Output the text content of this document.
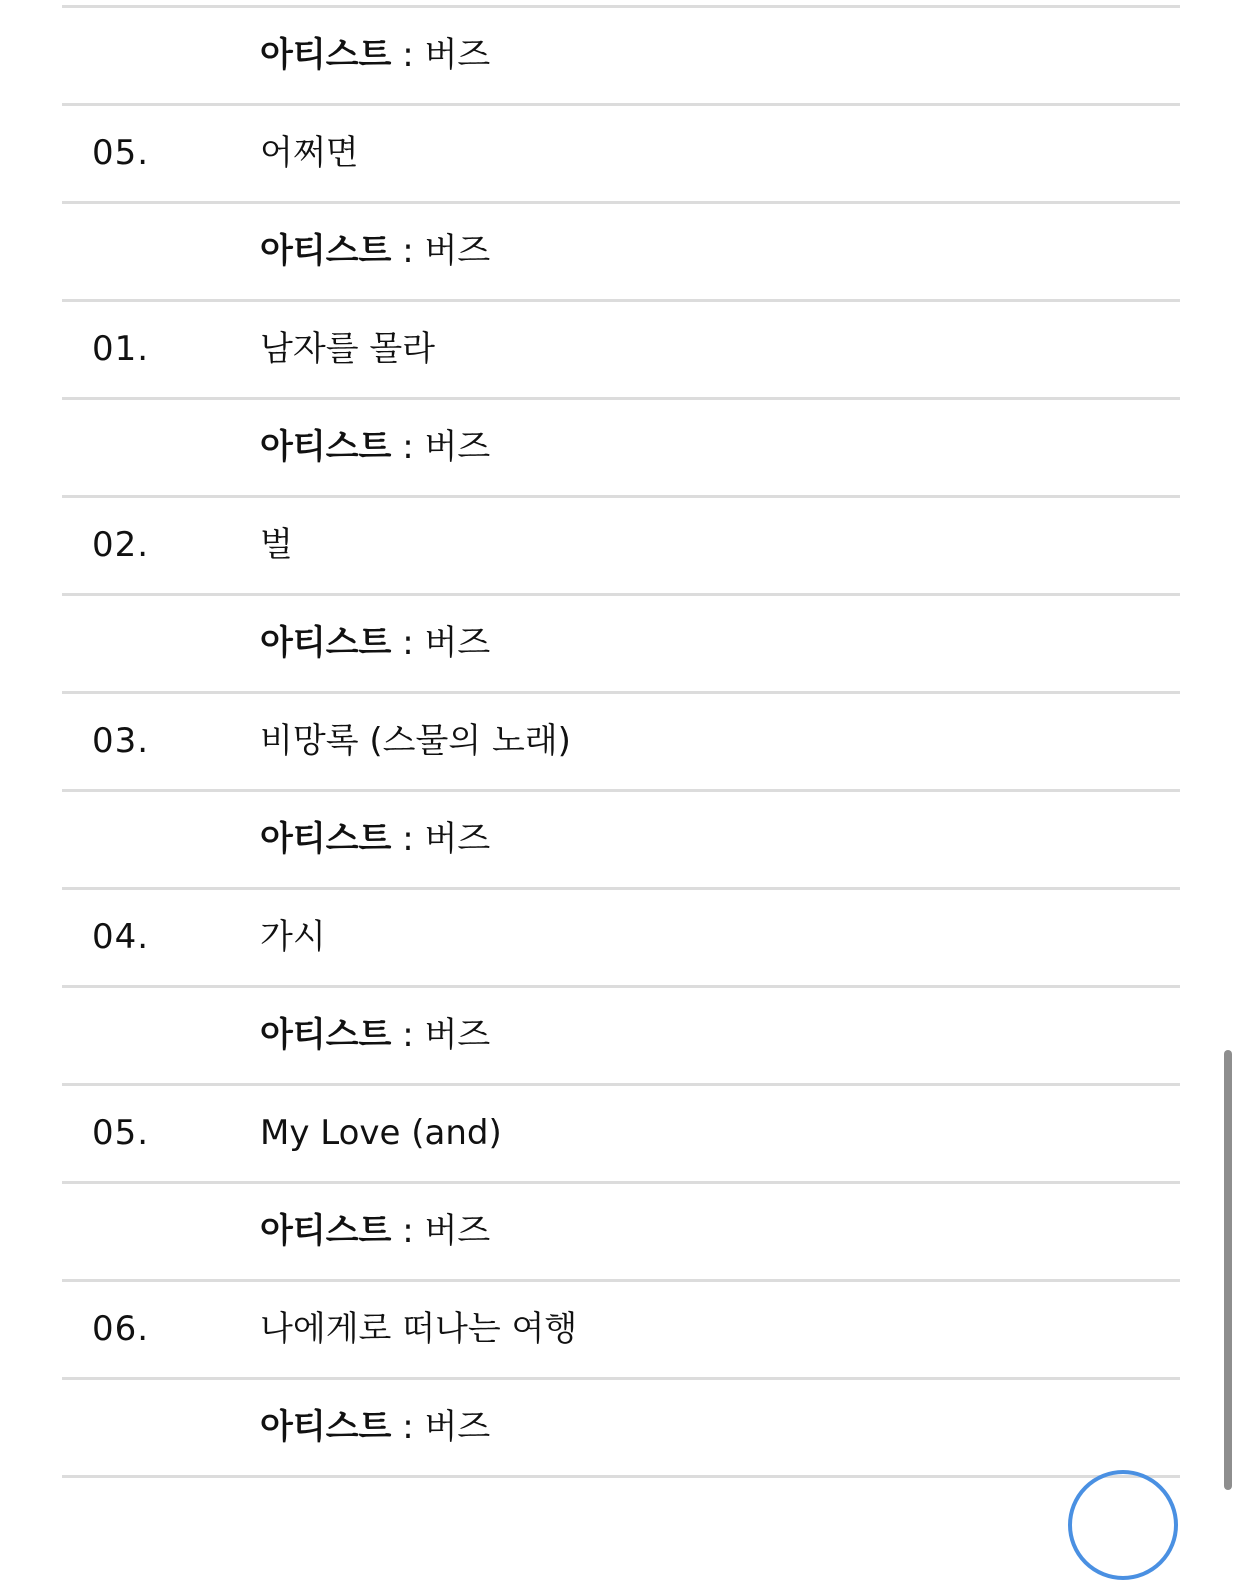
아티스트 : 버즈
05.	어쩌면
아티스트 : 버즈
01.	남자를 몰라
아티스트 : 버즈
02.	벌
아티스트 : 버즈
03.	비망록 (스물의 노래)
아티스트 : 버즈
04.	가시
아티스트 : 버즈
05.	My Love (and)
아티스트 : 버즈
06.	나에게로 떠나는 여행
아티스트 : 버즈
